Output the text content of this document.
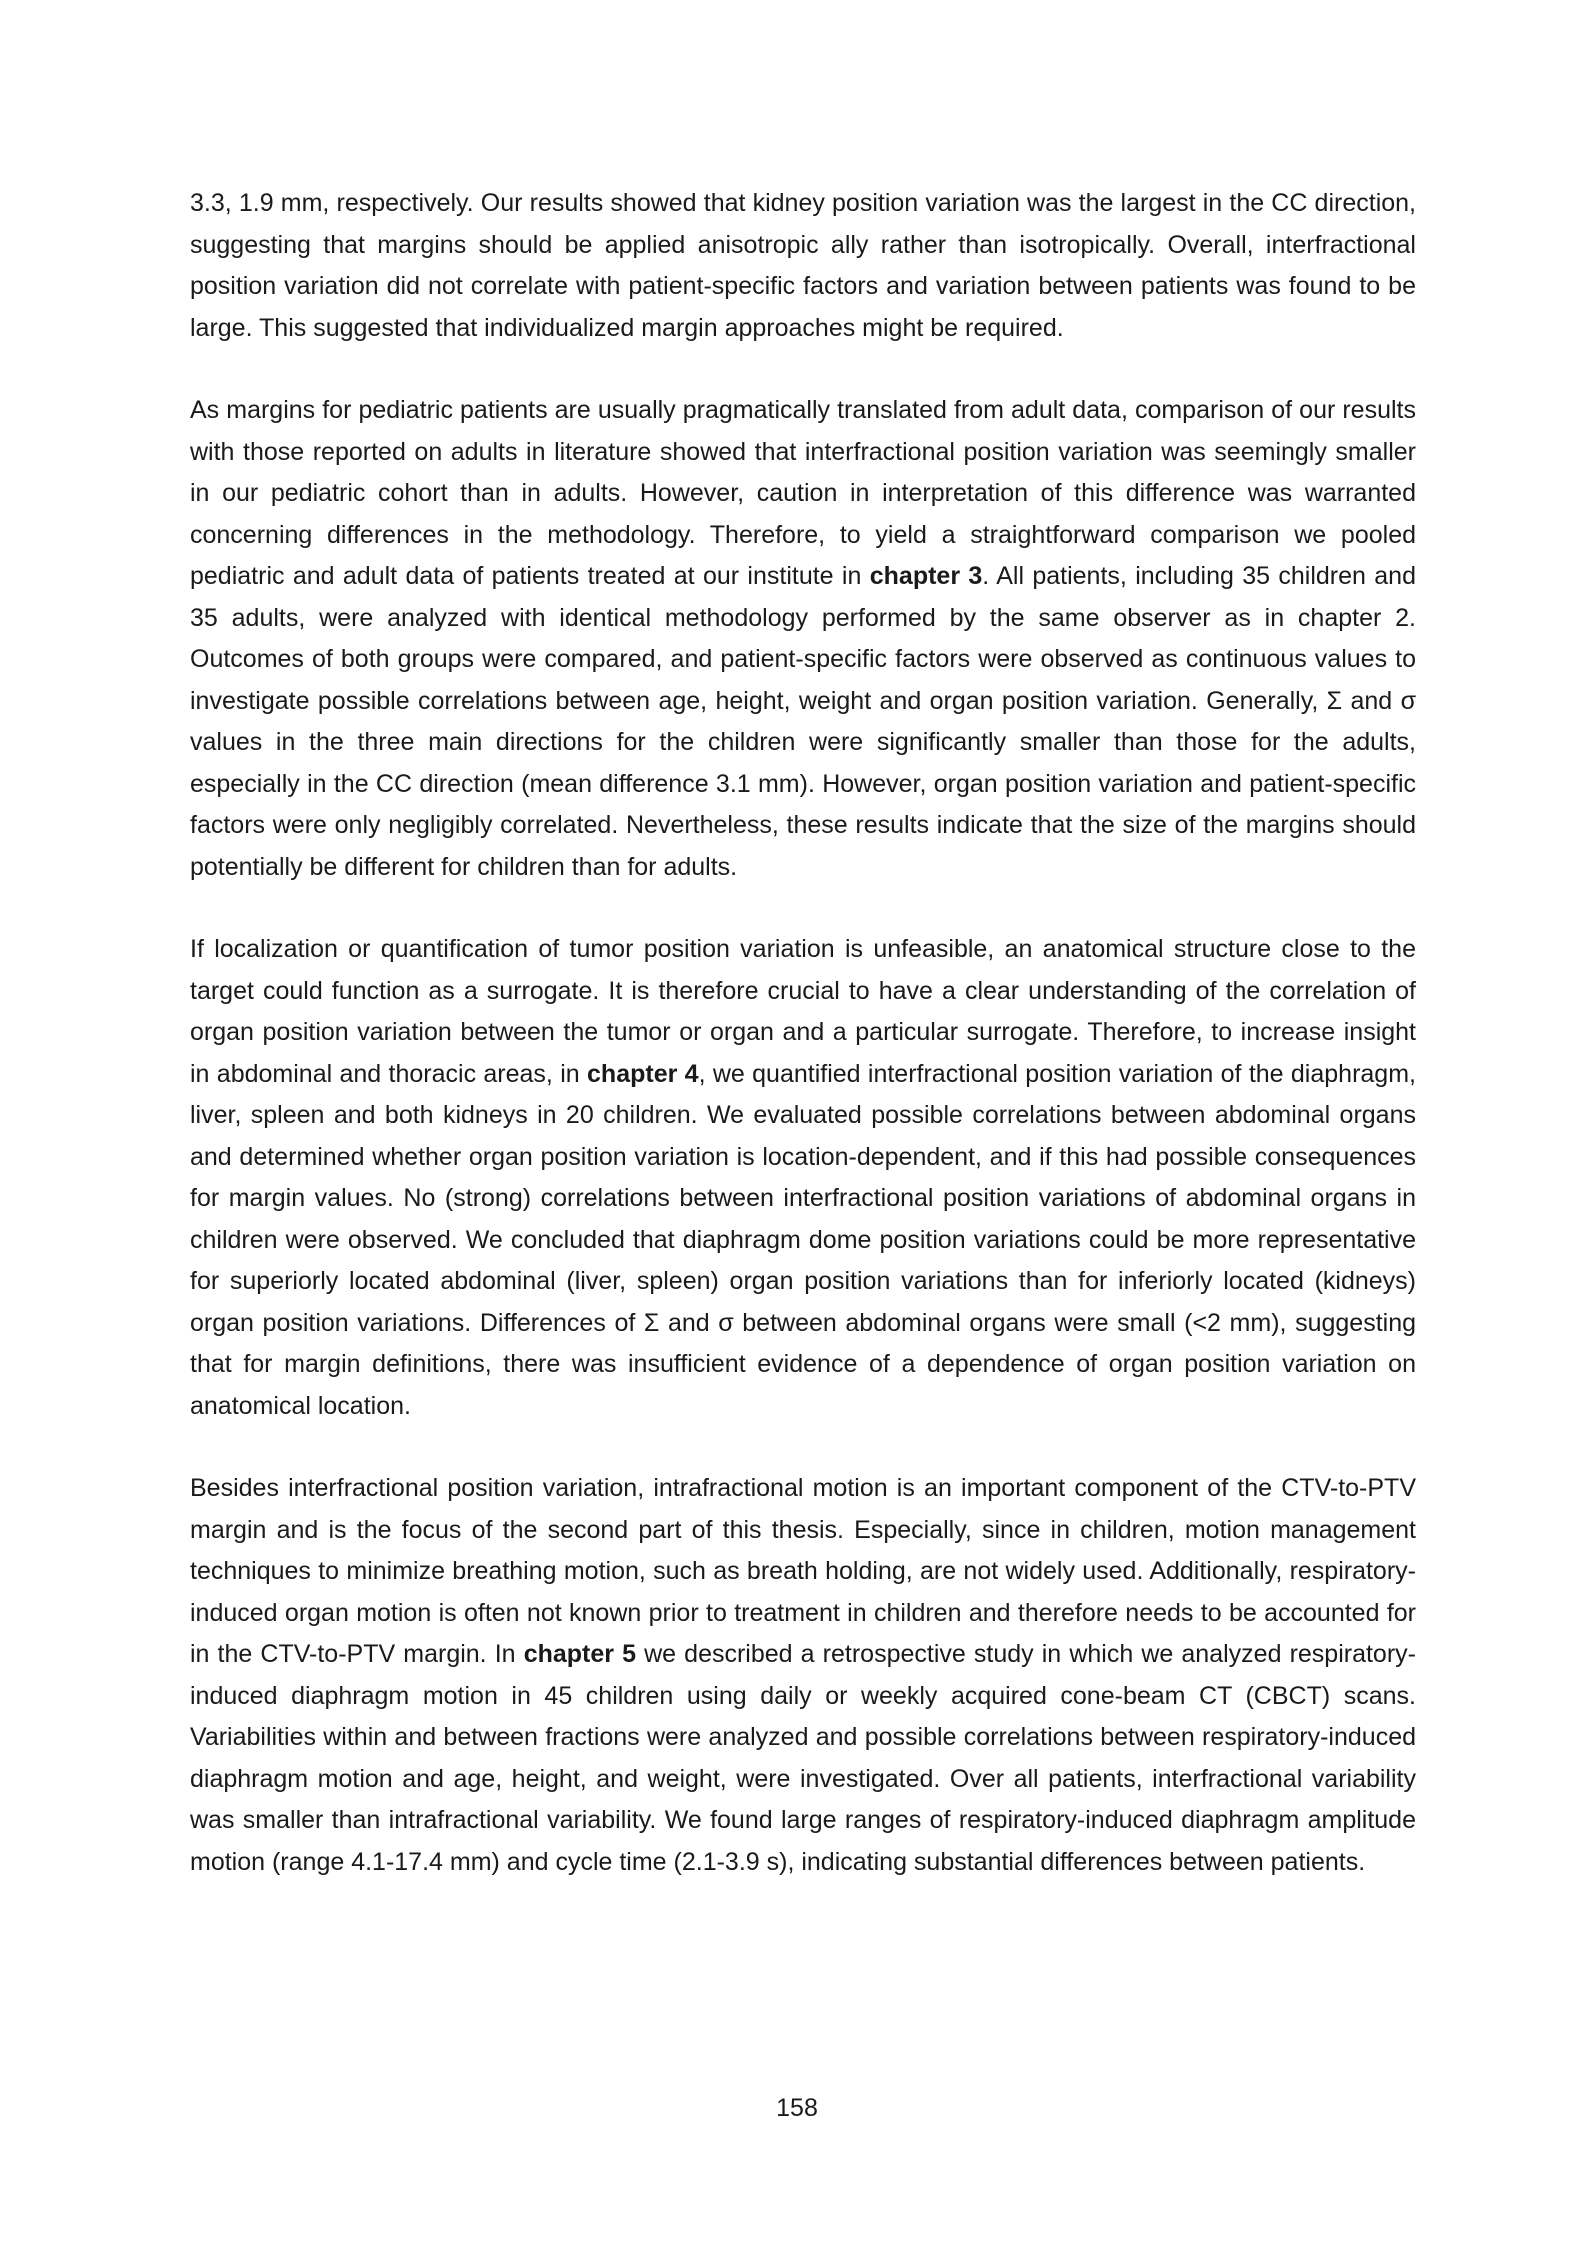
3.3, 1.9 mm, respectively. Our results showed that kidney position variation was the largest in the CC direction, suggesting that margins should be applied anisotropic ally rather than isotropically. Overall, interfractional position variation did not correlate with patient-specific factors and variation between patients was found to be large. This suggested that individualized margin approaches might be required.

As margins for pediatric patients are usually pragmatically translated from adult data, comparison of our results with those reported on adults in literature showed that interfractional position variation was seemingly smaller in our pediatric cohort than in adults. However, caution in interpretation of this difference was warranted concerning differences in the methodology. Therefore, to yield a straightforward comparison we pooled pediatric and adult data of patients treated at our institute in chapter 3. All patients, including 35 children and 35 adults, were analyzed with identical methodology performed by the same observer as in chapter 2. Outcomes of both groups were compared, and patient-specific factors were observed as continuous values to investigate possible correlations between age, height, weight and organ position variation. Generally, Σ and σ values in the three main directions for the children were significantly smaller than those for the adults, especially in the CC direction (mean difference 3.1 mm). However, organ position variation and patient-specific factors were only negligibly correlated. Nevertheless, these results indicate that the size of the margins should potentially be different for children than for adults.

If localization or quantification of tumor position variation is unfeasible, an anatomical structure close to the target could function as a surrogate. It is therefore crucial to have a clear understanding of the correlation of organ position variation between the tumor or organ and a particular surrogate. Therefore, to increase insight in abdominal and thoracic areas, in chapter 4, we quantified interfractional position variation of the diaphragm, liver, spleen and both kidneys in 20 children. We evaluated possible correlations between abdominal organs and determined whether organ position variation is location-dependent, and if this had possible consequences for margin values. No (strong) correlations between interfractional position variations of abdominal organs in children were observed. We concluded that diaphragm dome position variations could be more representative for superiorly located abdominal (liver, spleen) organ position variations than for inferiorly located (kidneys) organ position variations. Differences of Σ and σ between abdominal organs were small (<2 mm), suggesting that for margin definitions, there was insufficient evidence of a dependence of organ position variation on anatomical location.

Besides interfractional position variation, intrafractional motion is an important component of the CTV-to-PTV margin and is the focus of the second part of this thesis. Especially, since in children, motion management techniques to minimize breathing motion, such as breath holding, are not widely used. Additionally, respiratory-induced organ motion is often not known prior to treatment in children and therefore needs to be accounted for in the CTV-to-PTV margin. In chapter 5 we described a retrospective study in which we analyzed respiratory-induced diaphragm motion in 45 children using daily or weekly acquired cone-beam CT (CBCT) scans. Variabilities within and between fractions were analyzed and possible correlations between respiratory-induced diaphragm motion and age, height, and weight, were investigated. Over all patients, interfractional variability was smaller than intrafractional variability. We found large ranges of respiratory-induced diaphragm amplitude motion (range 4.1-17.4 mm) and cycle time (2.1-3.9 s), indicating substantial differences between patients.

158
